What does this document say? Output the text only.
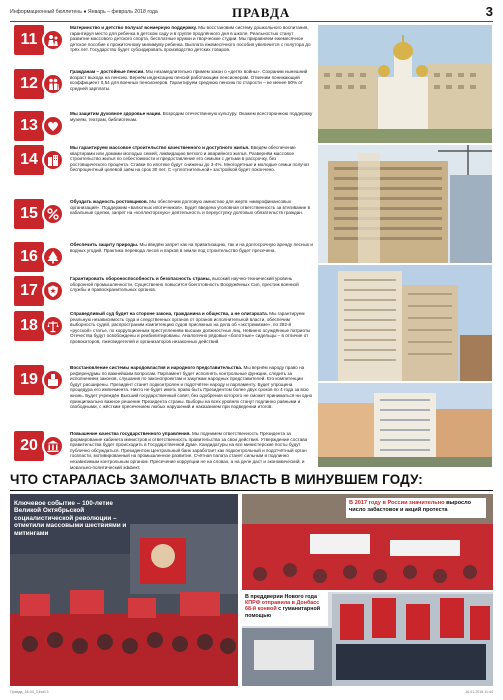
Информационный бюллетень ● Январь – февраль 2018 года	ПРАВДА	3
11
Материнство и детство получат всемерную поддержку. Мы восстановим систему дошкольного воспитания, гарантируя место для ребенка в детском саду и в группе продлённого дня в школе. Реальностью станут развитие массового детского спорта, бесплатные кружки и творческие студии. Мы приравняем ежемесячное детское пособие к прожиточному минимуму ребенка. Выплата ежемесячного пособия увеличится с полутора до трёх лет. Государство будет субсидировать производство детских товаров.
12
Гражданам – достойные пенсии. Мы незамедлительно примем закон о «детях войны». Сохраним нынешний возраст выхода на пенсию. Вернём индексацию пенсий работающим пенсионерам. Отменим понижающий коэффициент 0,54 для военных пенсионеров. Гарантируем среднюю пенсию по старости – не менее 50% от средней зарплаты.
13
Мы защитим духовное здоровье нации. Возродим отечественную культуру. Окажем всестороннюю поддержку музеям, театрам, библиотекам.
14
Мы гарантируем массовое строительство качественного и доступного жилья. Введём обеспечение квартирами или домами молодых семей, ликвидацию ветхого и аварийного жилья. Развернём массовое строительство жилья по себестоимости и предоставление его семьям с детьми в рассрочку, без ростовщического процента. Ставки по ипотеке будут снижены до 3-4%. Многодетные и молодые семьи получат беспроцентный целевой заём на срок 30 лет. С «уплотнительной» застройкой будет покончено.
15
Обуздать жадность ростовщиков. Мы обеспечим долговую амнистию для жертв «микрофинансовых организаций». Поддержим «валютных ипотечников». Будет введена уголовная ответственность за втягивание в кабальные сделки, запрет на «коллекторскую» деятельность и переуступку долговых обязательств граждан.
16
Обеспечить защиту природы. Мы введём запрет как на приватизацию, так и на долгосрочную аренду лесных и водных угодий. Практика перевода лесов и парков в земли под строительство будет пресечена.
17
Гарантировать обороноспособность и безопасность страны, высокий научно-технический уровень оборонной промышленности. Существенно повысится боеготовность Вооружённых Сил, престиж военной службы и правоохранительных органов.
18
Справедливый суд будет на стороне закона, гражданина и общества, а не олигархата. Мы гарантируем реальную независимость суда и следственных органов от органов исполнительной власти, обеспечим выборность судей, распространим компетенцию судов присяжных на дела об «экстремизме», по 282-й «русской» статье, по коррупционным преступлениям высших должностных лиц. Невинно осуждённые патриоты Отечества будут освобождены и реабилитированы. Аналогично рядовые «болотные» сидельцы – в отличие от провокаторов, лжесвидетелей и организаторов незаконных действий.
19
Восстановление системы народовластия и народного представительства. Мы вернём народу право на референдумы по важнейшим вопросам. Парламент будет исполнять контрольные функции, следить за исполнением законов, слушания по законопроектам и закупкам народных представителей. Его компетенции будут расширены. Президент станет подконтролен и подотчётен народу и парламенту. Будет упрощена процедура его импичмента. Никто не будет иметь право быть Президентом более двух сроков по 4 года за всю жизнь. Будет учреждён Высший государственный совет, без одобрения которого не сможет приниматься ни одно принципиально важное решение Президента страны. Выборы на всех уровнях станут подлинно равными и свободными, с жёстким пресечением любых нарушений и наказанием при подведении итогов.
20
Повышение качества государственного управления. Мы поднимем ответственность Президента за формирование кабинета министров и ответственность правительства за свои действия. Утверждение состава правительства будет происходить в Государственной Думе. Кандидатуры на все министерские посты будут публично обсуждаться. Президентом Центральный банк заработает как подконтрольный и подотчётный орган госвласти, мотивированный на промышленное развитие. Счётная палата станет сильным и подлинно независимым контрольным органом. Пресечение коррупции не на словах, а на деле даст и экономический, и морально-политический эффект.
ЧТО СТАРАЛАСЬ ЗАМОЛЧАТЬ ВЛАСТЬ В МИНУВШЕМ ГОДУ:
Ключевое событие – 100-летие Великой Октябрьской социалистической революции – отметили массовыми шествиями и митингами
В 2017 году в России значительно выросло число забастовок и акций протеста
В преддверии Нового года КПРФ отправила в Донбасс 68-й конвой с гуманитарной помощью
Правда_18-04_3.indd 3	16.01.2018 11:44
